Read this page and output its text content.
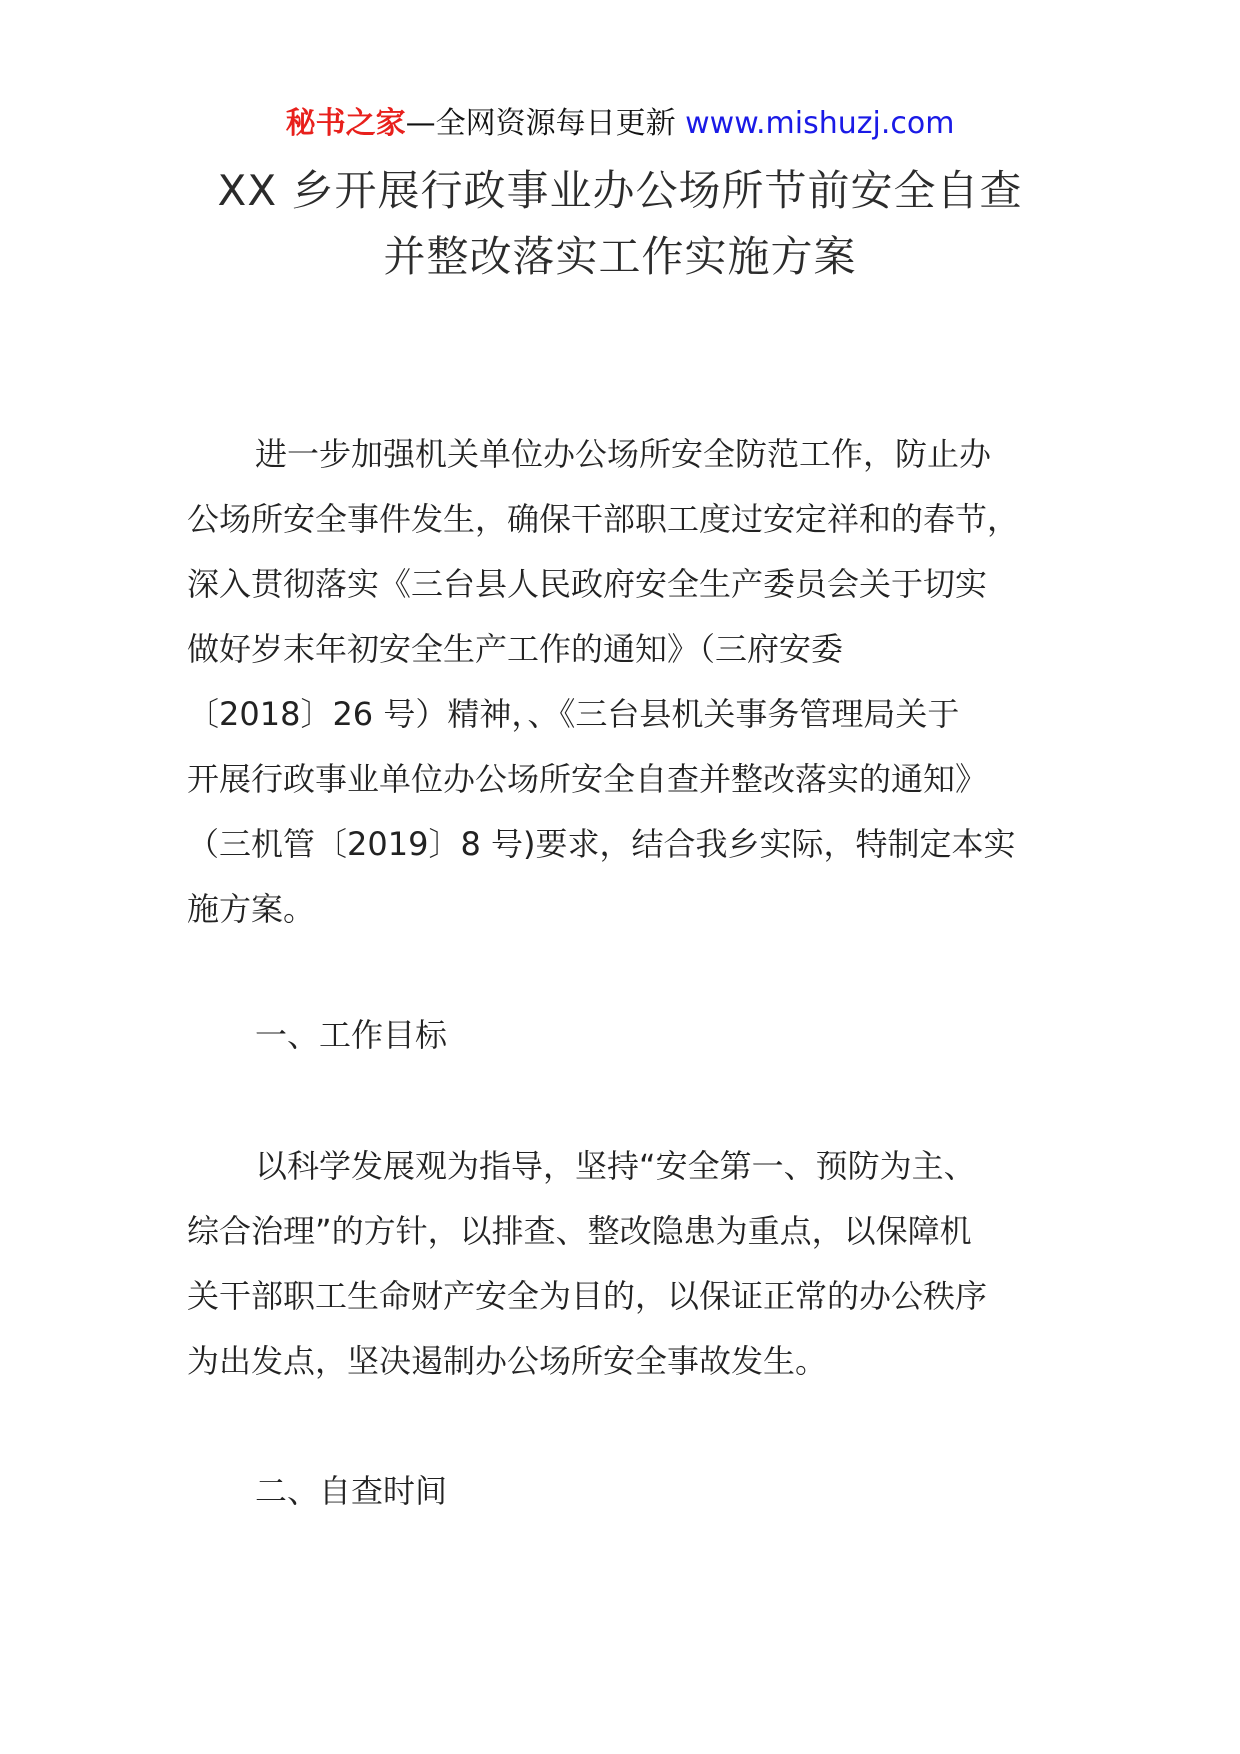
秘书之家—全网资源每日更新 www.mishuzj.com
XX 乡开展行政事业办公场所节前安全自查
并整改落实工作实施方案
进一步加强机关单位办公场所安全防范工作，防止办
公场所安全事件发生，确保干部职工度过安定祥和的春节，
深入贯彻落实《三台县人民政府安全生产委员会关于切实
做好岁末年初安全生产工作的通知》（三府安委
〔2018〕26 号）精神，、《三台县机关事务管理局关于
开展行政事业单位办公场所安全自查并整改落实的通知》
（三机管〔2019〕8 号)要求，结合我乡实际，特制定本实
施方案。
一、工作目标
以科学发展观为指导，坚持“安全第一、预防为主、
综合治理”的方针，以排查、整改隐患为重点，以保障机
关干部职工生命财产安全为目的，以保证正常的办公秩序
为出发点，坚决遏制办公场所安全事故发生。
二、自查时间
